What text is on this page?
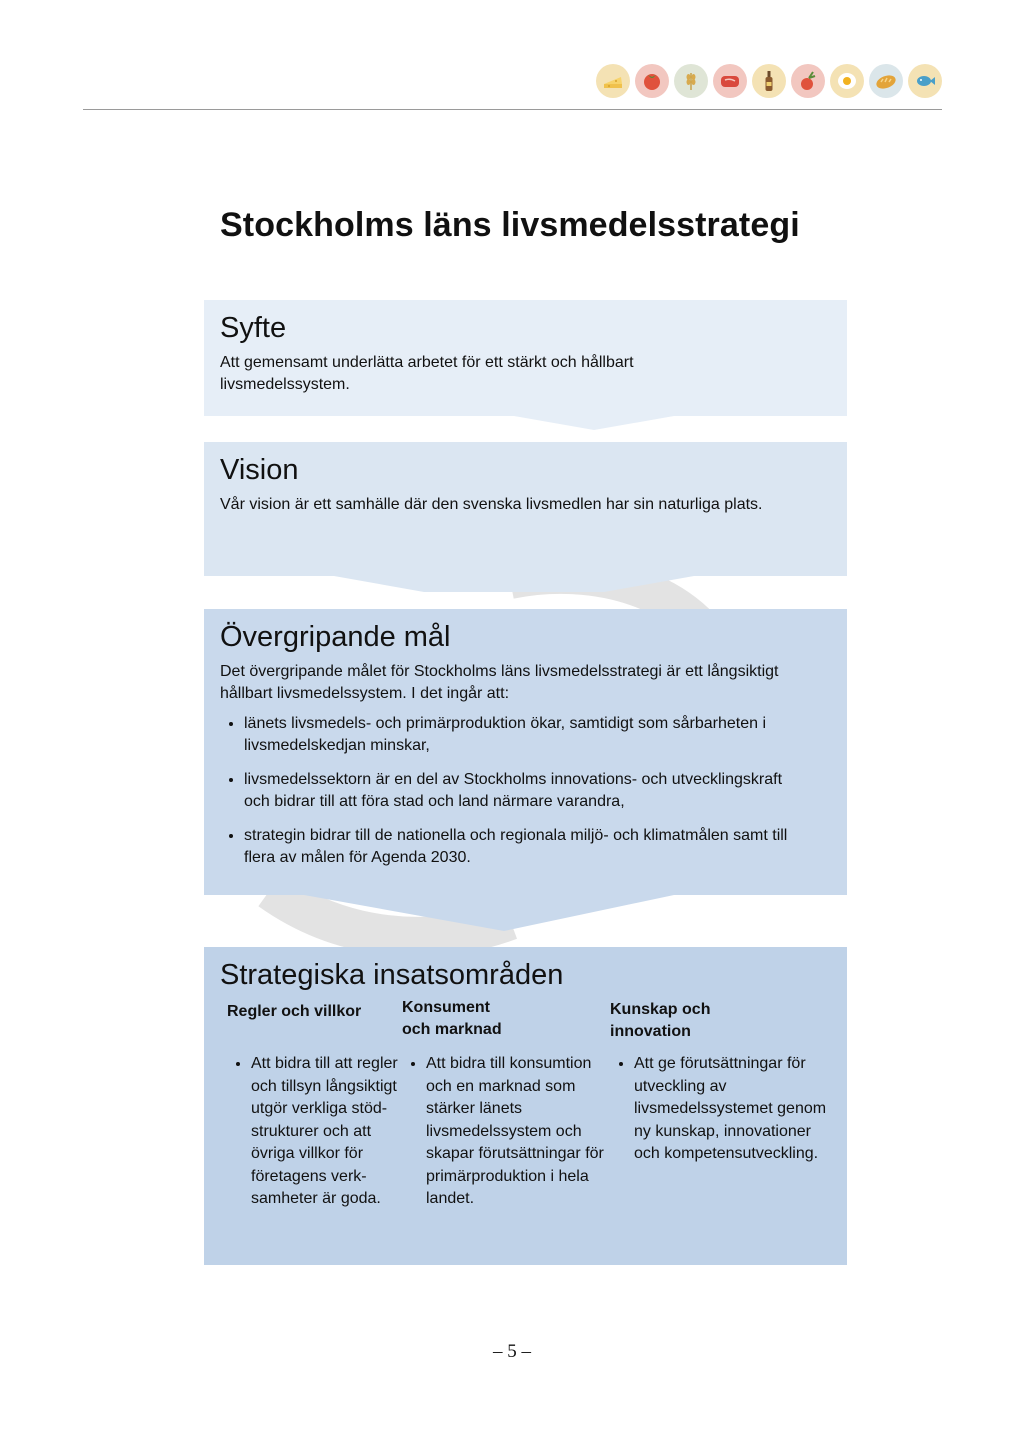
Stockholms läns livsmedelsstrategi
Syfte

Att gemensamt underlätta arbetet för ett stärkt och hållbart livsmedelssystem.

Vision

Vår vision är ett samhälle där den svenska livsmedlen har sin naturliga plats.

Övergripande mål

Det övergripande målet för Stockholms läns livsmedelsstrategi är ett långsiktigt hållbart livsmedelssystem. I det ingår att:

• länets livsmedels- och primärproduktion ökar, samtidigt som sårbarheten i livsmedelskedjan minskar,
• livsmedelssektorn är en del av Stockholms innovations- och utvecklingskraft och bidrar till att föra stad och land närmare varandra,
• strategin bidrar till de nationella och regionala miljö- och klimatmålen samt till flera av målen för Agenda 2030.
Strategiska insatsområden
Regler och villkor
• Att bidra till att regler och tillsyn långsiktigt utgör verkliga stödstrukturer och att övriga villkor för företagens verksamheter är goda.
Konsument och marknad
• Att bidra till konsumtion och en marknad som stärker länets livsmedelssystem och skapar förutsättningar för primärproduktion i hela landet.
Kunskap och innovation
• Att ge förutsättningar för utveckling av livsmedelssystemet genom ny kunskap, innovationer och kompetensutveckling.
– 5 –
